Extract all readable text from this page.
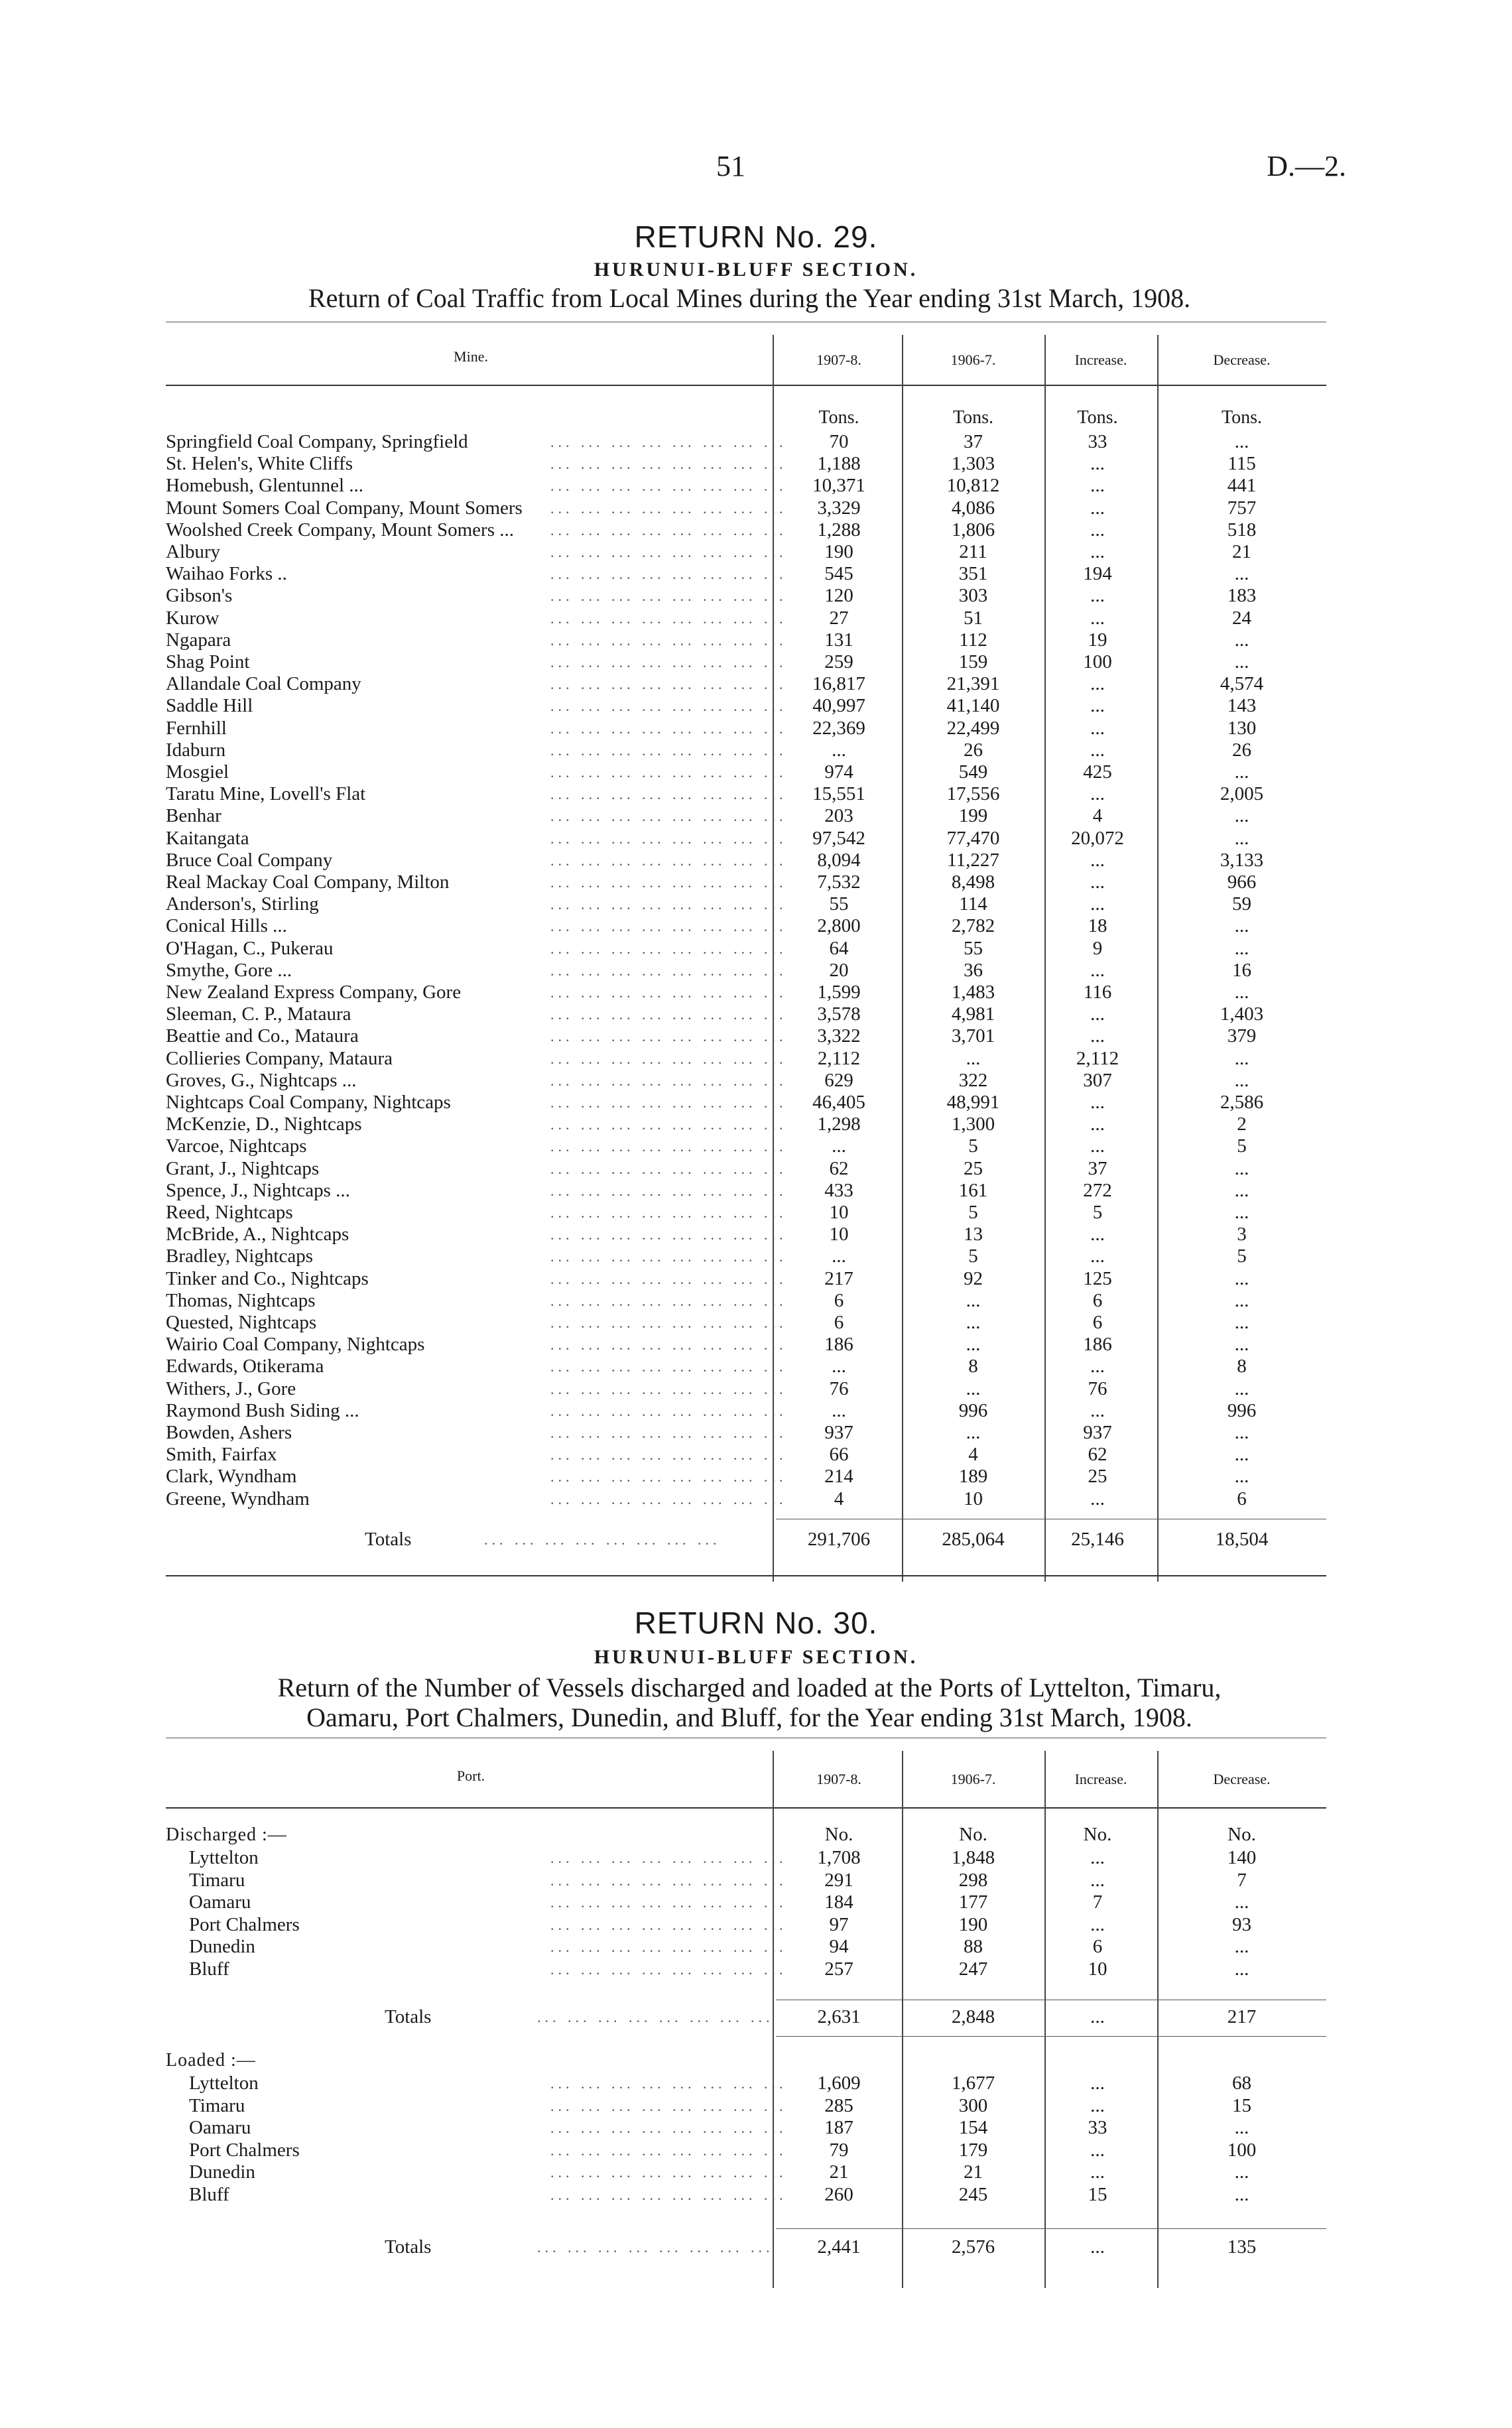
51	D.—2.
RETURN No. 29.
HURUNUI-BLUFF SECTION.
Return of Coal Traffic from Local Mines during the Year ending 31st March, 1908.
Mine.	1907-8.	1906-7.	Increase.	Decrease.
Tons.	Tons.	Tons.	Tons.
Springfield Coal Company, Springfield	... ... ... ... ... ... ... ...	70	37	33	...
St. Helen's, White Cliffs	... ... ... ... ... ... ... ...	1,188	1,303	...	115
Homebush, Glentunnel ...	... ... ... ... ... ... ... ...	10,371	10,812	...	441
Mount Somers Coal Company, Mount Somers ... ... ... ... ... ... ... ...	3,329	4,086	...	757
Woolshed Creek Company, Mount Somers ...	... ... ... ... ... ... ... ...	1,288	1,806	...	518
Albury	... ... ... ... ... ... ... ...	190	211	...	21
Waihao Forks ..	... ... ... ... ... ... ... ...	545	351	194	...
Gibson's	... ... ... ... ... ... ... ...	120	303	...	183
Kurow	... ... ... ... ... ... ... ...	27	51	...	24
Ngapara	... ... ... ... ... ... ... ...	131	112	19	...
Shag Point	... ... ... ... ... ... ... ...	259	159	100	...
Allandale Coal Company	... ... ... ... ... ... ... ...	16,817	21,391	...	4,574
Saddle Hill	... ... ... ... ... ... ... ...	40,997	41,140	...	143
Fernhill	... ... ... ... ... ... ... ...	22,369	22,499	...	130
Idaburn	... ... ... ... ... ... ... ...	...	26	...	26
Mosgiel	... ... ... ... ... ... ... ...	974	549	425	...
Taratu Mine, Lovell's Flat	... ... ... ... ... ... ... ...	15,551	17,556	...	2,005
Benhar	... ... ... ... ... ... ... ...	203	199	4	...
Kaitangata	... ... ... ... ... ... ... ...	97,542	77,470	20,072	...
Bruce Coal Company	... ... ... ... ... ... ... ...	8,094	11,227	...	3,133
Real Mackay Coal Company, Milton	... ... ... ... ... ... ... ...	7,532	8,498	...	966
Anderson's, Stirling	... ... ... ... ... ... ... ...	55	114	...	59
Conical Hills ...	... ... ... ... ... ... ... ...	2,800	2,782	18	...
O'Hagan, C., Pukerau	... ... ... ... ... ... ... ...	64	55	9	...
Smythe, Gore ...	... ... ... ... ... ... ... ...	20	36	...	16
New Zealand Express Company, Gore	... ... ... ... ... ... ... ...	1,599	1,483	116	...
Sleeman, C. P., Mataura	... ... ... ... ... ... ... ...	3,578	4,981	...	1,403
Beattie and Co., Mataura	... ... ... ... ... ... ... ...	3,322	3,701	...	379
Collieries Company, Mataura	... ... ... ... ... ... ... ...	2,112	...	2,112	...
Groves, G., Nightcaps ...	... ... ... ... ... ... ... ...	629	322	307	...
Nightcaps Coal Company, Nightcaps	... ... ... ... ... ... ... ...	46,405	48,991	...	2,586
McKenzie, D., Nightcaps	... ... ... ... ... ... ... ...	1,298	1,300	...	2
Varcoe, Nightcaps	... ... ... ... ... ... ... ...	...	5	...	5
Grant, J., Nightcaps	... ... ... ... ... ... ... ...	62	25	37	...
Spence, J., Nightcaps ...	... ... ... ... ... ... ... ...	433	161	272	...
Reed, Nightcaps	... ... ... ... ... ... ... ...	10	5	5	...
McBride, A., Nightcaps	... ... ... ... ... ... ... ...	10	13	...	3
Bradley, Nightcaps	... ... ... ... ... ... ... ...	...	5	...	5
Tinker and Co., Nightcaps	... ... ... ... ... ... ... ...	217	92	125	...
Thomas, Nightcaps	... ... ... ... ... ... ... ...	6	...	6	...
Quested, Nightcaps	... ... ... ... ... ... ... ...	6	...	6	...
Wairio Coal Company, Nightcaps	... ... ... ... ... ... ... ...	186	...	186	...
Edwards, Otikerama	... ... ... ... ... ... ... ...	...	8	...	8
Withers, J., Gore	... ... ... ... ... ... ... ...	76	...	76	...
Raymond Bush Siding ...	... ... ... ... ... ... ... ...	...	996	...	996
Bowden, Ashers	... ... ... ... ... ... ... ...	937	...	937	...
Smith, Fairfax	... ... ... ... ... ... ... ...	66	4	62	...
Clark, Wyndham	... ... ... ... ... ... ... ...	214	189	25	...
Greene, Wyndham	... ... ... ... ... ... ... ...	4	10	...	6
Totals	... ... ... ... ... ... ... ...	291,706	285,064	25,146	18,504
RETURN No. 30.
HURUNUI-BLUFF SECTION.
Return of the Number of Vessels discharged and loaded at the Ports of Lyttelton, Timaru,
Oamaru, Port Chalmers, Dunedin, and Bluff, for the Year ending 31st March, 1908.
Port.	1907-8.	1906-7.	Increase.	Decrease.
Discharged :—	No.	No.	No.	No.
Lyttelton	... ... ... ... ... ... ... ...	1,708	1,848	...	140
Timaru	... ... ... ... ... ... ... ...	291	298	...	7
Oamaru	... ... ... ... ... ... ... ...	184	177	7	...
Port Chalmers	... ... ... ... ... ... ... ...	97	190	...	93
Dunedin	... ... ... ... ... ... ... ...	94	88	6	...
Bluff	... ... ... ... ... ... ... ...	257	247	10	...
Totals	... ... ... ... ... ... ... ...	2,631	2,848	...	217
Loaded :—
Lyttelton	... ... ... ... ... ... ... ...	1,609	1,677	...	68
Timaru	... ... ... ... ... ... ... ...	285	300	...	15
Oamaru	... ... ... ... ... ... ... ...	187	154	33	...
Port Chalmers	... ... ... ... ... ... ... ...	79	179	...	100
Dunedin	... ... ... ... ... ... ... ...	21	21	...	...
Bluff	... ... ... ... ... ... ... ...	260	245	15	...
Totals	... ... ... ... ... ... ... ...	2,441	2,576	...	135
